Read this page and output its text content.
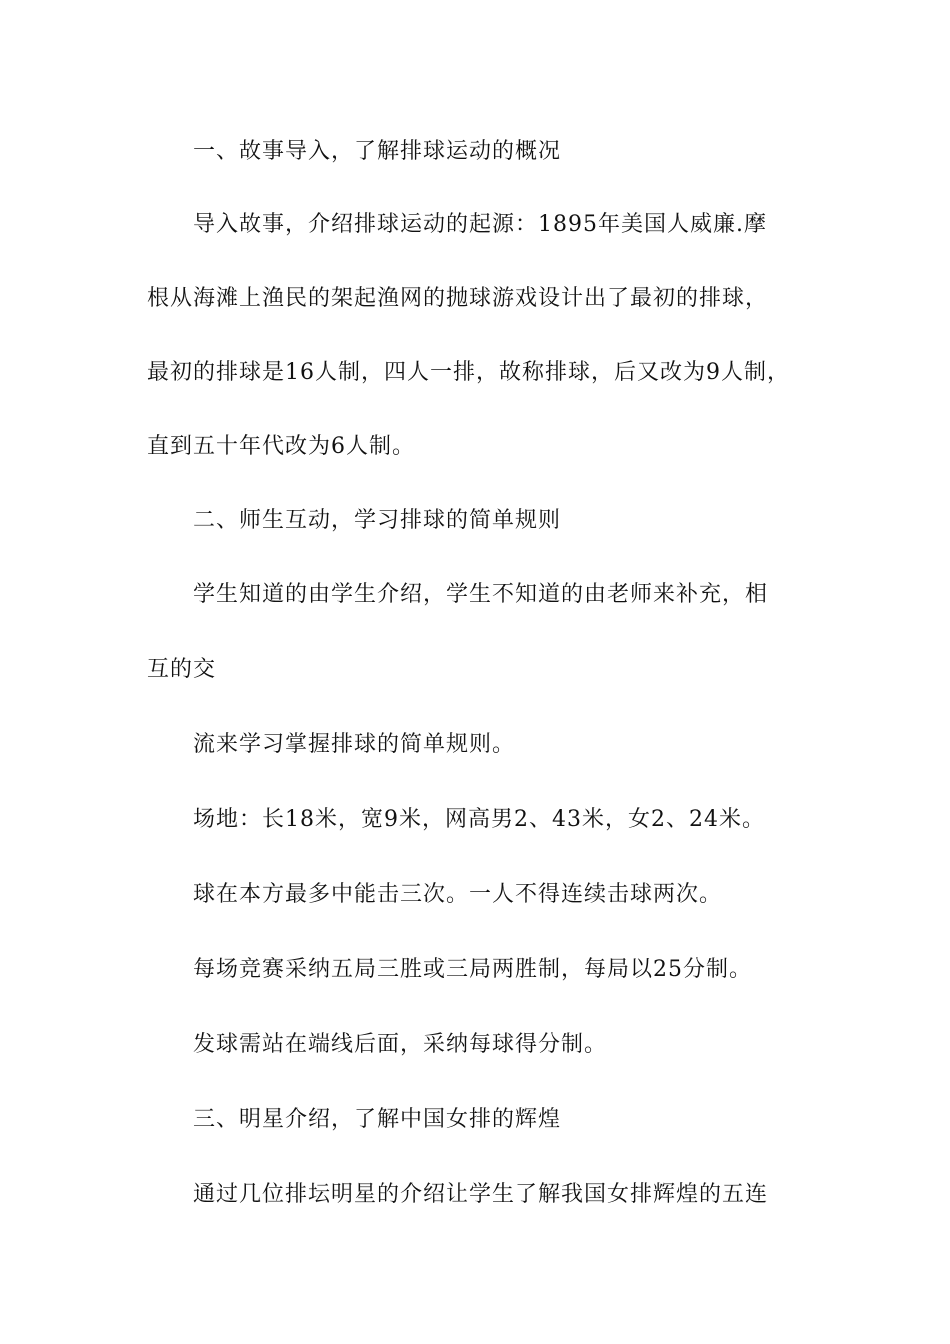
一、故事导入，了解排球运动的概况
导入故事，介绍排球运动的起源：1895年美国人威廉.摩
根从海滩上渔民的架起渔网的抛球游戏设计出了最初的排球，
最初的排球是16人制，四人一排，故称排球，后又改为9人制，
直到五十年代改为6人制。
二、师生互动，学习排球的简单规则
学生知道的由学生介绍，学生不知道的由老师来补充，相
互的交
流来学习掌握排球的简单规则。
场地：长18米，宽9米，网高男2、43米，女2、24米。
球在本方最多中能击三次。一人不得连续击球两次。
每场竞赛采纳五局三胜或三局两胜制，每局以25分制。
发球需站在端线后面，采纳每球得分制。
三、明星介绍，了解中国女排的辉煌
通过几位排坛明星的介绍让学生了解我国女排辉煌的五连
